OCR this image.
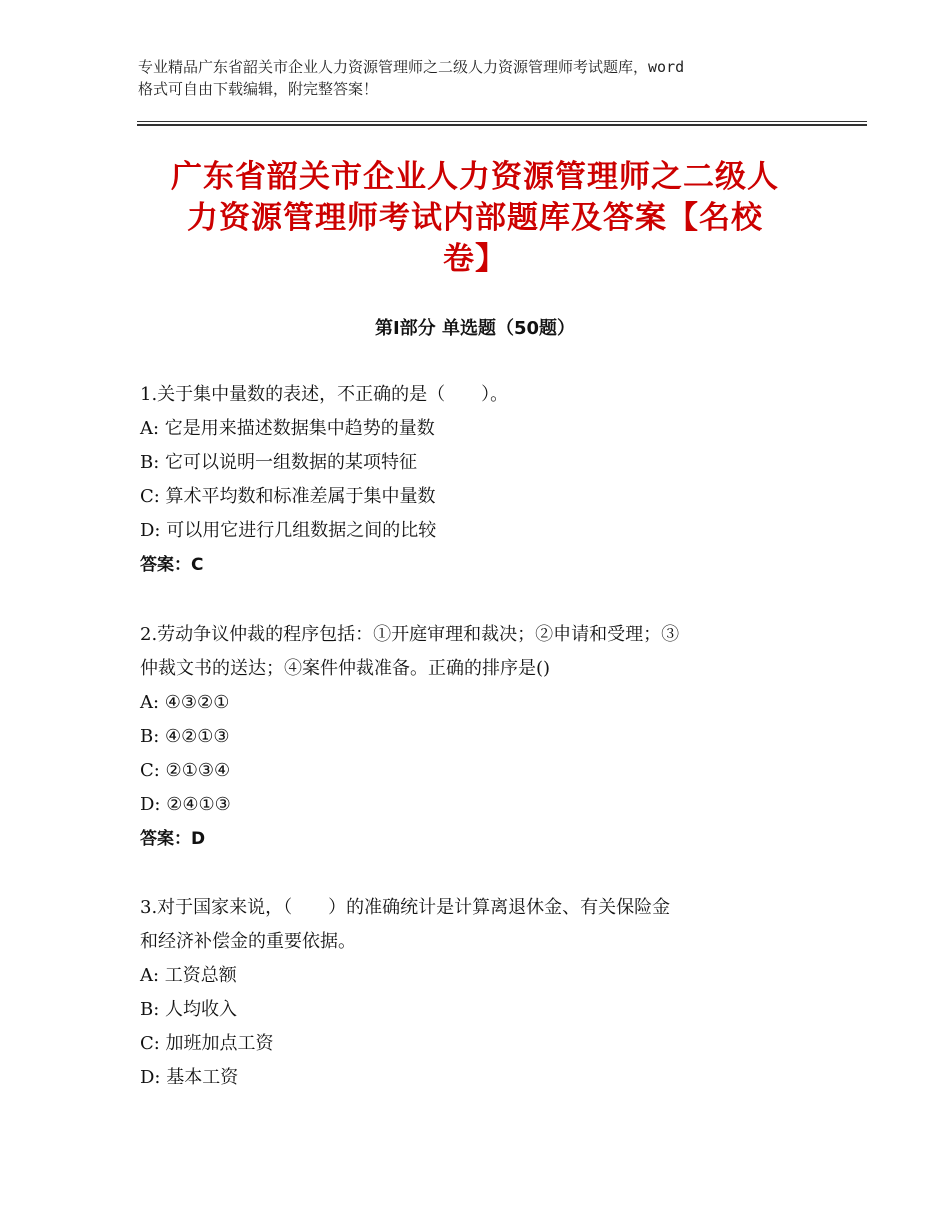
专业精品广东省韶关市企业人力资源管理师之二级人力资源管理师考试题库，word
格式可自由下载编辑，附完整答案！
广东省韶关市企业人力资源管理师之二级人
力资源管理师考试内部题库及答案【名校
卷】
第Ⅰ部分 单选题（50题）
1.关于集中量数的表述，不正确的是（　　）。
A: 它是用来描述数据集中趋势的量数
B: 它可以说明一组数据的某项特征
C: 算术平均数和标准差属于集中量数
D: 可以用它进行几组数据之间的比较
答案：C
2.劳动争议仲裁的程序包括：①开庭审理和裁决；②申请和受理；③
仲裁文书的送达；④案件仲裁准备。正确的排序是()
A: ④③②①
B: ④②①③
C: ②①③④
D: ②④①③
答案：D
3.对于国家来说，（　　）的准确统计是计算离退休金、有关保险金
和经济补偿金的重要依据。
A: 工资总额
B: 人均收入
C: 加班加点工资
D: 基本工资
